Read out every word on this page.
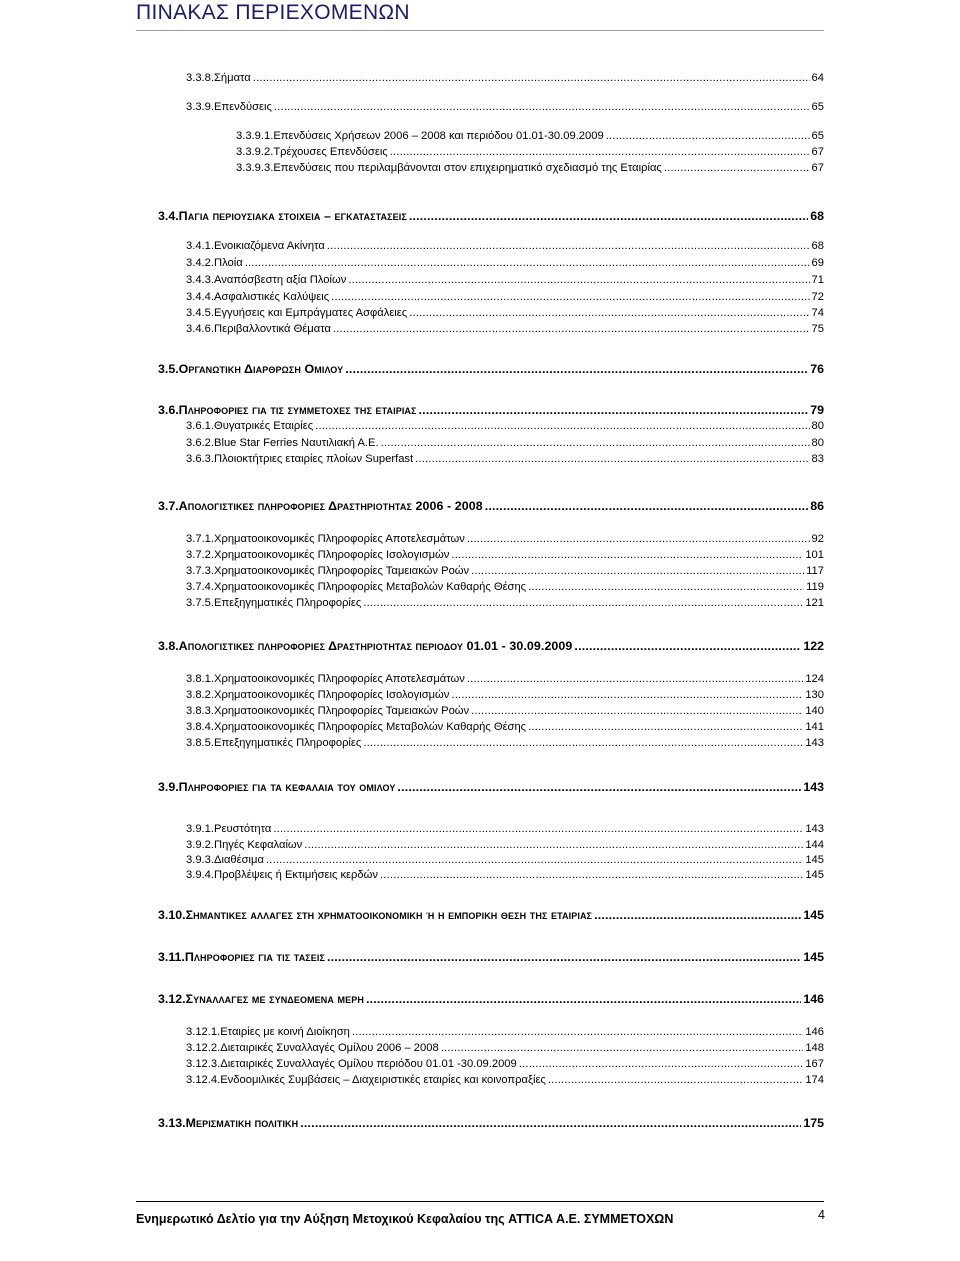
ΠΙΝΑΚΑΣ ΠΕΡΙΕΧΟΜΕΝΩΝ
3.3.8. Σήματα .....	64
3.3.9. Επενδύσεις .....	65
3.3.9.1. Επενδύσεις Χρήσεων 2006 – 2008 και περιόδου 01.01-30.09.2009 .....	65
3.3.9.2. Τρέχουσες Επενδύσεις .....	67
3.3.9.3. Επενδύσεις που περιλαμβάνονται στον επιχειρηματικό σχεδιασμό της Εταιρίας .....	67
3.4. Παγια περιουσιακα στοιχεια – εγκαταστασεις .....	68
3.4.1. Ενοικιαζόμενα Ακίνητα .....	68
3.4.2. Πλοία .....	69
3.4.3. Αναπόσβεστη αξία Πλοίων .....	71
3.4.4. Ασφαλιστικές Καλύψεις .....	72
3.4.5. Εγγυήσεις και Εμπράγματες Ασφάλειες .....	74
3.4.6. Περιβαλλοντικά Θέματα .....	75
3.5. Οργανωτικη Διαρθρωση Ομιλου .....	76
3.6. Πληροφοριες για τις συμμετοχες της εταιριας .....	79
3.6.1. Θυγατρικές Εταιρίες .....	80
3.6.2. Blue Star Ferries Ναυτιλιακή Α.Ε. .....	80
3.6.3. Πλοιοκτήτριες εταιρίες πλοίων Superfast .....	83
3.7. Απολογιστικες πληροφοριες Δραστηριοτητας 2006 - 2008 .....	86
3.7.1. Χρηματοοικονομικές Πληροφορίες Αποτελεσμάτων .....	92
3.7.2. Χρηματοοικονομικές Πληροφορίες Ισολογισμών .....	101
3.7.3. Χρηματοοικονομικές Πληροφορίες Ταμειακών Ροών .....	117
3.7.4. Χρηματοοικονομικές Πληροφορίες Μεταβολών Καθαρής Θέσης .....	119
3.7.5. Επεξηγηματικές Πληροφορίες .....	121
3.8. Απολογιστικες πληροφοριες Δραστηριοτητας περιοδου 01.01 - 30.09.2009 .....	122
3.8.1. Χρηματοοικονομικές Πληροφορίες Αποτελεσμάτων .....	124
3.8.2. Χρηματοοικονομικές Πληροφορίες Ισολογισμών .....	130
3.8.3. Χρηματοοικονομικές Πληροφορίες Ταμειακών Ροών .....	140
3.8.4. Χρηματοοικονομικές Πληροφορίες Μεταβολών Καθαρής Θέσης .....	141
3.8.5. Επεξηγηματικές Πληροφορίες .....	143
3.9. Πληροφοριες για τα κεφαλαια του ομιλου .....	143
3.9.1. Ρευστότητα .....	143
3.9.2. Πηγές Κεφαλαίων .....	144
3.9.3. Διαθέσιμα .....	145
3.9.4. Προβλέψεις ή Εκτιμήσεις κερδών .....	145
3.10. Σημαντικες αλλαγες στη χρηματοοικονομικη ή η εμπορικη θεση της εταιριας .....	145
3.11. Πληροφοριες για τις τασεις .....	145
3.12. Συναλλαγες με συνδεομενα μερη .....	146
3.12.1. Εταιρίες με κοινή Διοίκηση .....	146
3.12.2. Διεταιρικές Συναλλαγές Ομίλου 2006 – 2008 .....	148
3.12.3. Διεταιρικές Συναλλαγές Ομίλου περιόδου 01.01 -30.09.2009 .....	167
3.12.4. Ενδοομιλικές Συμβάσεις – Διαχειριστικές εταιρίες και κοινοπραξίες .....	174
3.13. Μερισματικη πολιτικη .....	175
Ενημερωτικό Δελτίο για την Αύξηση Μετοχικού Κεφαλαίου της ATTICA Α.Ε. ΣΥΜΜΕΤΟΧΩΝ	4
